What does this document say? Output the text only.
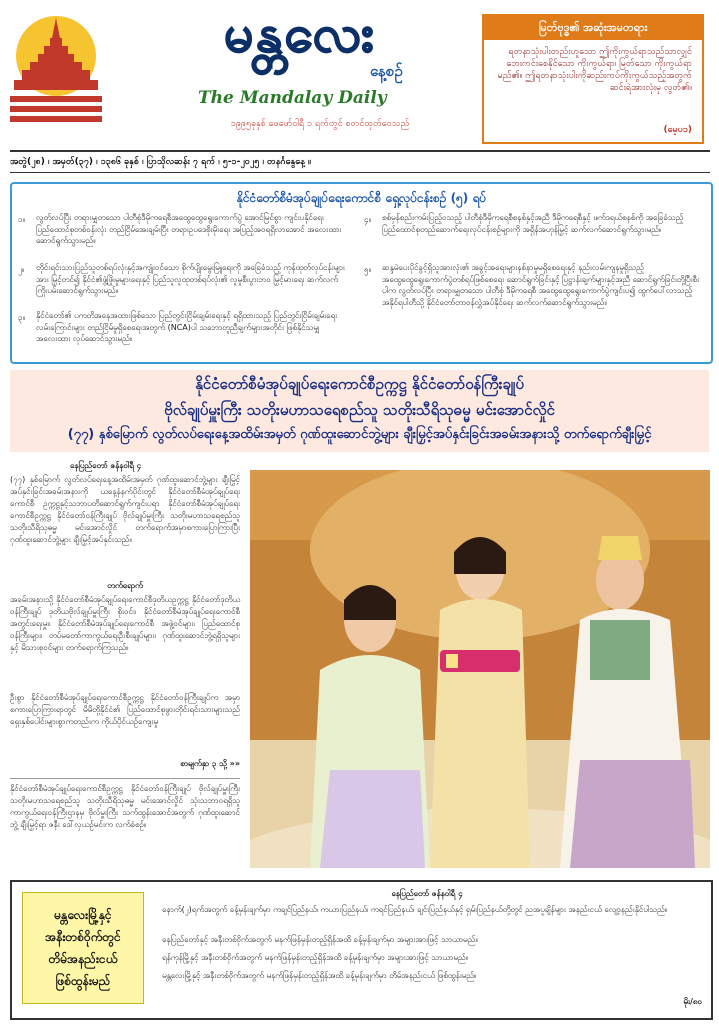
မန္တလေး
နေ့စဉ်
The Mandalay Daily
၁၉၉၅ခုနှစ် ဖေဖော်ဝါရီ ၁ ရက်တွင် စတင်ထုတ်ဝေသည်
မြတ်ဗုဒ္ဓ၏ အဆုံးအမတရား
ရတနာသုံးပါးတည်းဟူသော ဤကိုးကွယ်ရာသည်သာလျှင် ဘေးကင်းစေနိုင်သော ကိုးကွယ်ရာ၊ မြတ်သော ကိုးကွယ်ရာမည်၏။ ဤရတနာသုံးပါးကိုဆည်းကပ်ကိုးကွယ်သည့်အတွက် ဆင်းရဲအားလုံးမှ လွတ်၏။
(မေ့ပ၁)
အတွဲ(၂၈) ၊ အမှတ်(၃၇) ၊ ၁၃၈၆ ခုနှစ် ၊ ပြာသိုလဆန်း ၇ ရက် ၊ ၅-၁-၂၀၂၅ ၊ တနင်္ဂနွေနေ့ ။
နိုင်ငံတော်စီမံအုပ်ချုပ်ရေးကောင်စီ ရှေ့လုပ်ငန်းစဉ် (၅) ရပ်
၁။ လွတ်လပ်ပြီး တရားမျှတသော ပါတီစုံဒီမိုကရေစီအထွေထွေရွေးကောက်ပွဲ အောင်မြင်စွာ ကျင်းပနိုင်ရေး ပြည်ထောင်စုတစ်ဝန်းလုံး တည်ငြိမ်အေးချမ်းပြီး တရားဥပဒေစိုးမိုးရေး အပြည့်အဝရရှိလာအောင် အလေးထားဆောင်ရွက်သွားမည်။
၂။ တိုင်းရင်းသားပြည်သူတစ်ရပ်လုံးနှင့်အကျုံးဝင်သော စိုက်ပျိုးမွေးမြူရေးကို အခြေခံသည့် ကုန်ထုတ်လုပ်ငန်းများအား မြှင့်တင်၍ နိုင်ငံ၏ဖွံ့ဖြိုးမှုများရေးနှင့် ပြည်သူလူထုတစ်ရပ်လုံး၏ လူမှုစီးပွားဘဝ မြှင့်မားရေး ဆက်လက်ကြိုးပမ်းဆောင်ရွက်သွားမည်။
၃။ နိုင်ငံတော်၏ ပကတိအနေအထားဖြစ်သော ပြည်တွင်းငြိမ်းချမ်းရေးနှင့် ရရှိထားသည့် ပြည်တွင်းငြိမ်းချမ်းရေးလမ်းကြောင်းများ တည်ငြိမ်မှုရှိစေရေးအတွက် (NCA)ပါ သဘောတူညီချက်များအတိုင်း ဖြစ်နိုင်သမျှ အလေးထား လုပ်ဆောင်သွားမည်။
၄။ စစ်မှန်စည်းကမ်းပြည့်ဝသည့် ပါတီစုံဒီမိုကရေစီစနစ်နှင့်အညီ ဒီမိုကရေစီနှင့် ဖက်ဒရယ်စနစ်ကို အခြေခံသည့် ပြည်ထောင်စုတည်ဆောက်ရေးလုပ်ငန်းစဉ်များကို အရှိန်အဟုန်မြှင့် ဆက်လက်ဆောင်ရွက်သွားမည်။
၅။ ဆန္ဒမဲပေးပိုင်ခွင့်ရှိသူအားလုံး၏ အခွင့်အရေးများနစ်နာမှုမရှိစေရေးနှင့် နည်းလမ်းကျနမှုရှိသည့် အထွေထွေရွေးကောက်ပွဲတစ်ရပ်ဖြစ်စေရေး ဆောင်ရွက်ခြင်းနှင့် ပြဋ္ဌာန်းချက်များနှင့်အညီ ဆောင်ရွက်ခြင်းတို့ပြီးစီးပါက လွတ်လပ်ပြီး တရားမျှတသော ပါတီစုံ ဒီမိုကရေစီ အထွေထွေရွေးကောက်ပွဲကျင်းပ၍ ထွက်ပေါ်လာသည့်အနိုင်ရပါတီသို့ နိုင်ငံတော်တာဝန်လွှဲအပ်နိုင်ရေး ဆက်လက်ဆောင်ရွက်သွားမည်။
နိုင်ငံတော်စီမံအုပ်ချုပ်ရေးကောင်စီဥက္ကဋ္ဌ နိုင်ငံတော်ဝန်ကြီးချုပ်
ဗိုလ်ချုပ်မှူးကြီး သတိုးမဟာသရေစည်သူ သတိုးသီရိသုဓမ္မ မင်းအောင်လှိုင်
(၇၇) နှစ်မြောက် လွတ်လပ်ရေးနေ့အထိမ်းအမှတ် ဂုဏ်ထူးဆောင်ဘွဲ့များ ချီးမြှင့်အပ်နှင်းခြင်းအခမ်းအနားသို့ တက်ရောက်ချီးမြှင့်
နေပြည်တော် ဇန်နဝါရီ ၄
(၇၇) နှစ်မြောက် လွတ်လပ်ရေးနေ့အထိမ်းအမှတ် ဂုဏ်ထူးဆောင်ဘွဲ့များ ချီးမြှင့်အပ်နှင်းခြင်းအခမ်းအနားကို ယနေ့နံနက်ပိုင်းတွင် နိုင်ငံတော်စီမံအုပ်ချုပ်ရေးကောင်စီ ဥက္ကဋ္ဌနှင့်သဘာပတိဆောင်ရွက်ကျင်းပရာ နိုင်ငံတော်စီမံအုပ်ချုပ်ရေးကောင်စီဥက္ကဋ္ဌ နိုင်ငံတော်ဝန်ကြီးချုပ် ဗိုလ်ချုပ်မှူးကြီး သတိုးမဟာသရေစည်သူ သတိုးသီရိသုဓမ္မ မင်းအောင်လှိုင် တက်ရောက်အမှာစကားပြောကြားပြီး ဂုဏ်ထူးဆောင်ဘွဲ့များ ချီးမြှင့်အပ်နှင်းသည်။
တက်ရောက်
အခမ်းအနားသို့ နိုင်ငံတော်စီမံအုပ်ချုပ်ရေးကောင်စီဒုတိယဥက္ကဋ္ဌ နိုင်ငံတော်ဒုတိယဝန်ကြီးချုပ် ဒုတိယဗိုလ်ချုပ်မှူးကြီး စိုးဝင်း၊ နိုင်ငံတော်စီမံအုပ်ချုပ်ရေးကောင်စီ အတွင်းရေးမှူး၊ နိုင်ငံတော်စီမံအုပ်ချုပ်ရေးကောင်စီ အဖွဲ့ဝင်များ၊ ပြည်ထောင်စုဝန်ကြီးများ၊ တပ်မတော်ကာကွယ်ရေးဦးစီးချုပ်များ၊ ဂုဏ်ထူးဆောင်ဘွဲ့ရရှိသူများနှင့် မိသားစုဝင်များ တက်ရောက်ကြသည်။
ဦးစွာ နိုင်ငံတော်စီမံအုပ်ချုပ်ရေးကောင်စီဥက္ကဋ္ဌ နိုင်ငံတော်ဝန်ကြီးချုပ်က အမှာစကားပြောကြားရာတွင် မိမိတို့နိုင်ငံ၏ ပြည်ထောင်စုဖွားတိုင်းရင်းသားများသည် ရှေးနှစ်ပေါင်းများစွာကတည်းက ကိုယ်ပိုင်ယဉ်ကျေးမှု
စာမျက်နှာ ၃ သို့ »»
နိုင်ငံတော်စီမံအုပ်ချုပ်ရေးကောင်စီဥက္ကဋ္ဌ နိုင်ငံတော်ဝန်ကြီးချုပ် ဗိုလ်ချုပ်မှူးကြီး သတိုးမဟာသရေစည်သူ သတိုးသီရိသုဓမ္မ မင်းအောင်လှိုင် သုံးသဘာဝရရှိသူ ကာကွယ်ရေးဝန်ကြီးဌာနမှ ဗိုလ်မှူးကြီး သက်ထွန်းအောင်အတွက် ဂုဏ်ထူးဆောင်ဘွဲ့ ချီးမြှင့်ရာ ဇနီး ဒေါ်လှယဉ်မင်းက လက်ခံစဉ်။
မန္တလေးမြို့နှင့်
အနီးတစ်ဝိုက်တွင်
တိမ်အနည်းငယ်
ဖြစ်ထွန်းမည်
နေပြည်တော် ဇန်နဝါရီ ၄
နောက်(၂)ရက်အတွက် ခန့်မှန်းချက်မှာ ကချင်ပြည်နယ်၊ ကယားပြည်နယ်၊ ကရင်ပြည်နယ်၊ ချင်းပြည်နယ်နှင့် ရှမ်းပြည်နယ်တို့တွင် ညအပူချိန်များ အနည်းငယ် လျော့နည်းနိုင်ပါသည်။
နေပြည်တော်နှင့် အနီးတစ်ဝိုက်အတွက် မနက်ဖြန်မှန်းတည့်ရှိန်အထိ ခန့်မှန်းချက်မှာ အများအားဖြင့် သာယာမည်။
ရန်ကုန်မြို့နှင့် အနီးတစ်ဝိုက်အတွက် မနက်ဖြန်မှန်းတည့်ရှိန်အထိ ခန့်မှန်းချက်မှာ အများအားဖြင့် သာယာမည်။
မန္တလေးမြို့နှင့် အနီးတစ်ဝိုက်အတွက် မနက်ဖြန်မှန်းတည့်ရှိန်အထိ ခန့်မှန်းချက်မှာ တိမ်အနည်းငယ် ဖြစ်ထွန်းမည်။
မိုး/၈၀
